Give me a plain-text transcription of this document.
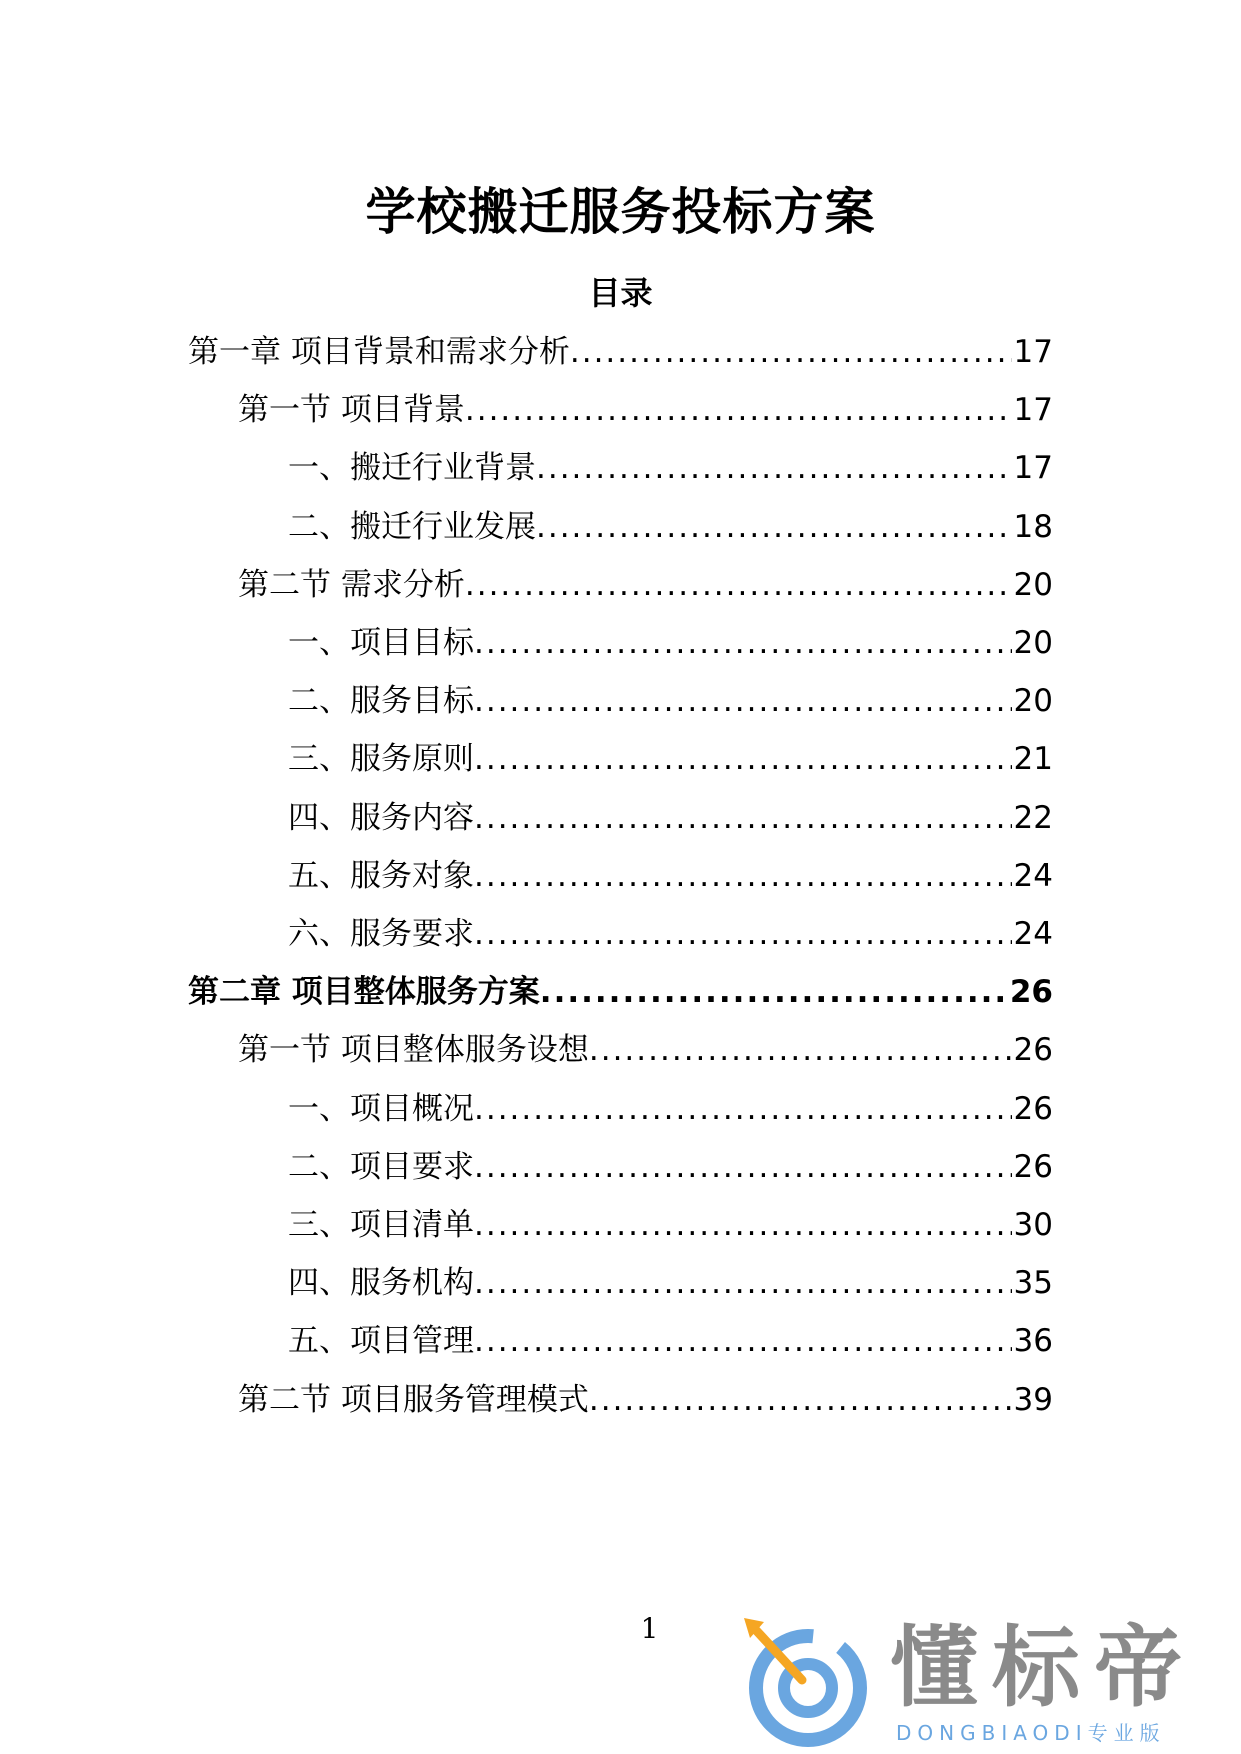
学校搬迁服务投标方案
目录
第一章 项目背景和需求分析 .....	17
第一节 项目背景 .....	17
一、搬迁行业背景 .....	17
二、搬迁行业发展 .....	18
第二节 需求分析 .....	20
一、项目目标 .....	20
二、服务目标 .....	20
三、服务原则 .....	21
四、服务内容 .....	22
五、服务对象 .....	24
六、服务要求 .....	24
第二章 项目整体服务方案 .....	26
第一节 项目整体服务设想 .....	26
一、项目概况 .....	26
二、项目要求 .....	26
三、项目清单 .....	30
四、服务机构 .....	35
五、项目管理 .....	36
第二节 项目服务管理模式 .....	39
1	懂标帝
DONGBIAODI专业版
